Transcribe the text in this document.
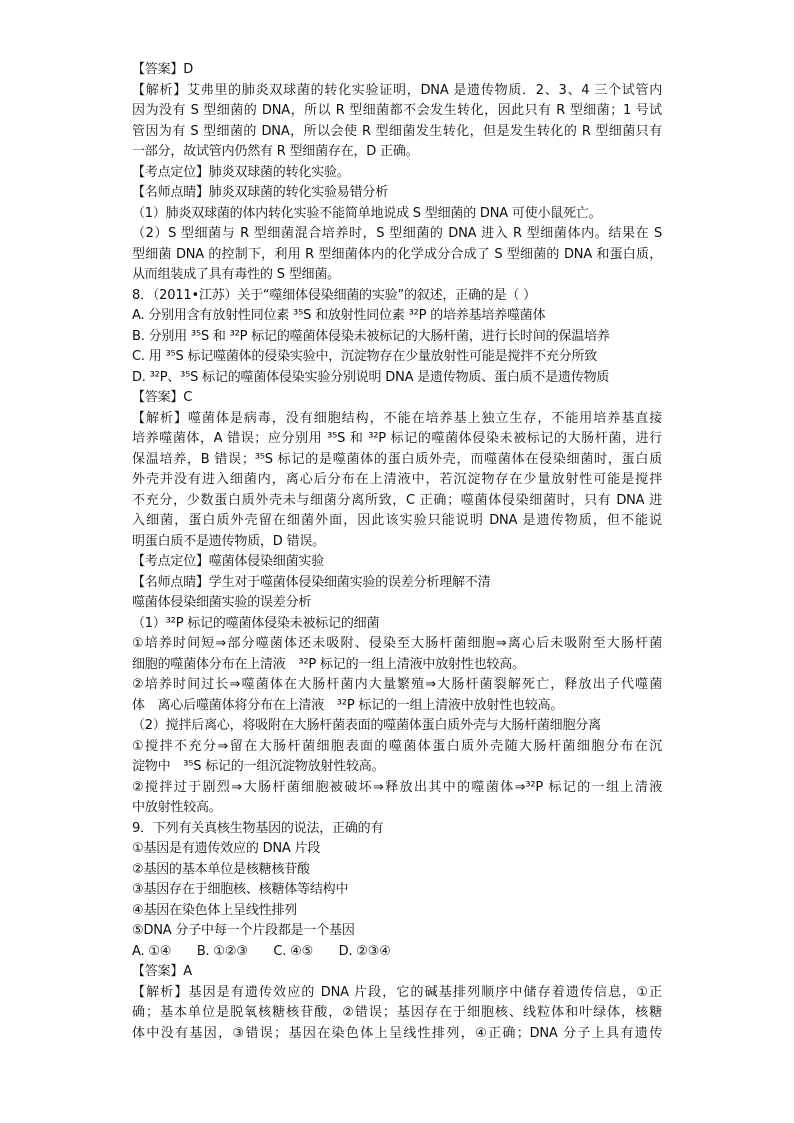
【答案】D
【解析】艾弗里的肺炎双球菌的转化实验证明，DNA 是遗传物质．2、3、4 三个试管内
因为没有 S 型细菌的 DNA，所以 R 型细菌都不会发生转化，因此只有 R 型细菌；1 号试
管因为有 S 型细菌的 DNA，所以会使 R 型细菌发生转化，但是发生转化的 R 型细菌只有
一部分，故试管内仍然有 R 型细菌存在，D 正确。
【考点定位】肺炎双球菌的转化实验。
【名师点睛】肺炎双球菌的转化实验易错分析
（1）肺炎双球菌的体内转化实验不能简单地说成 S 型细菌的 DNA 可使小鼠死亡。
（2）S 型细菌与 R 型细菌混合培养时，S 型细菌的 DNA 进入 R 型细菌体内。结果在 S
型细菌 DNA 的控制下，利用 R 型细菌体内的化学成分合成了 S 型细菌的 DNA 和蛋白质，
从而组装成了具有毒性的 S 型细菌。
8．（2011•江苏）关于“噬细体侵染细菌的实验”的叙述，正确的是（ ）
A. 分别用含有放射性同位素 ³⁵S 和放射性同位素 ³²P 的培养基培养噬菌体
B. 分别用 ³⁵S 和 ³²P 标记的噬菌体侵染未被标记的大肠杆菌，进行长时间的保温培养
C. 用 ³⁵S 标记噬菌体的侵染实验中，沉淀物存在少量放射性可能是搅拌不充分所致
D. ³²P、³⁵S 标记的噬菌体侵染实验分别说明 DNA 是遗传物质、蛋白质不是遗传物质
【答案】C
【解析】噬菌体是病毒，没有细胞结构，不能在培养基上独立生存，不能用培养基直接
培养噬菌体，A 错误；应分别用 ³⁵S 和 ³²P 标记的噬菌体侵染未被标记的大肠杆菌，进行
保温培养，B 错误；³⁵S 标记的是噬菌体的蛋白质外壳，而噬菌体在侵染细菌时，蛋白质
外壳并没有进入细菌内，离心后分布在上清液中，若沉淀物存在少量放射性可能是搅拌
不充分，少数蛋白质外壳未与细菌分离所致，C 正确；噬菌体侵染细菌时，只有 DNA 进
入细菌，蛋白质外壳留在细菌外面，因此该实验只能说明 DNA 是遗传物质，但不能说
明蛋白质不是遗传物质，D 错误。
【考点定位】噬菌体侵染细菌实验
【名师点睛】学生对于噬菌体侵染细菌实验的误差分析理解不清
噬菌体侵染细菌实验的误差分析
（1）³²P 标记的噬菌体侵染未被标记的细菌
①培养时间短⇒部分噬菌体还未吸附、侵染至大肠杆菌细胞⇒离心后未吸附至大肠杆菌
细胞的噬菌体分布在上清液　³²P 标记的一组上清液中放射性也较高。
②培养时间过长⇒噬菌体在大肠杆菌内大量繁殖⇒大肠杆菌裂解死亡，释放出子代噬菌
体　离心后噬菌体将分布在上清液　³²P 标记的一组上清液中放射性也较高。
（2）搅拌后离心，将吸附在大肠杆菌表面的噬菌体蛋白质外壳与大肠杆菌细胞分离
①搅拌不充分⇒留在大肠杆菌细胞表面的噬菌体蛋白质外壳随大肠杆菌细胞分布在沉
淀物中　³⁵S 标记的一组沉淀物放射性较高。
②搅拌过于剧烈⇒大肠杆菌细胞被破坏⇒释放出其中的噬菌体⇒³²P 标记的一组上清液
中放射性较高。
9．下列有关真核生物基因的说法，正确的有
①基因是有遗传效应的 DNA 片段
②基因的基本单位是核糖核苷酸
③基因存在于细胞核、核糖体等结构中
④基因在染色体上呈线性排列
⑤DNA 分子中每一个片段都是一个基因
A. ①④　　B. ①②③　　C. ④⑤　　D. ②③④
【答案】A
【解析】基因是有遗传效应的 DNA 片段，它的碱基排列顺序中储存着遗传信息，①正
确；基本单位是脱氧核糖核苷酸，②错误；基因存在于细胞核、线粒体和叶绿体，核糖
体中没有基因，③错误；基因在染色体上呈线性排列，④正确；DNA 分子上具有遗传
